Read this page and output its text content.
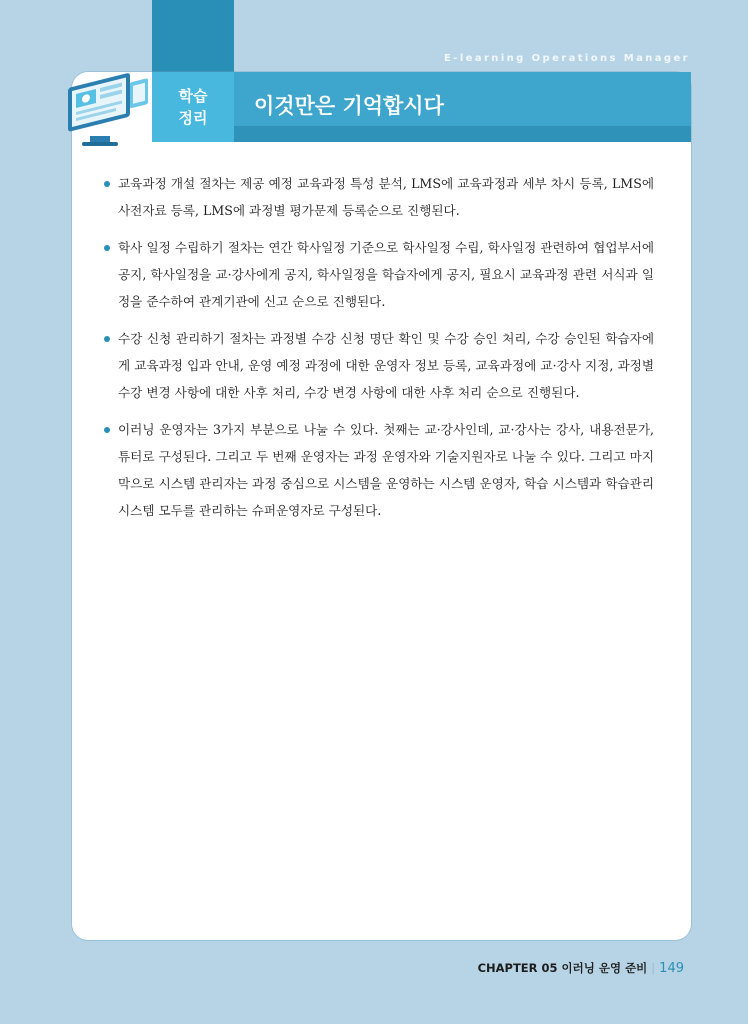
E-learning Operations Manager
학습
정리 이것만은 기억합시다
교육과정 개설 절차는 제공 예정 교육과정 특성 분석, LMS에 교육과정과 세부 차시 등록, LMS에 사전자료 등록, LMS에 과정별 평가문제 등록순으로 진행된다.
학사 일정 수립하기 절차는 연간 학사일정 기준으로 학사일정 수립, 학사일정 관련하여 협업부서에 공지, 학사일정을 교·강사에게 공지, 학사일정을 학습자에게 공지, 필요시 교육과정 관련 서식과 일정을 준수하여 관계기관에 신고 순으로 진행된다.
수강 신청 관리하기 절차는 과정별 수강 신청 명단 확인 및 수강 승인 처리, 수강 승인된 학습자에게 교육과정 입과 안내, 운영 예정 과정에 대한 운영자 정보 등록, 교육과정에 교·강사 지정, 과정별 수강 변경 사항에 대한 사후 처리, 수강 변경 사항에 대한 사후 처리 순으로 진행된다.
이러닝 운영자는 3가지 부분으로 나눌 수 있다. 첫째는 교·강사인데, 교·강사는 강사, 내용전문가, 튜터로 구성된다. 그리고 두 번째 운영자는 과정 운영자와 기술지원자로 나눌 수 있다. 그리고 마지막으로 시스템 관리자는 과정 중심으로 시스템을 운영하는 시스템 운영자, 학습 시스템과 학습관리시스템 모두를 관리하는 슈퍼운영자로 구성된다.
CHAPTER 05 이러닝 운영 준비 | 149
